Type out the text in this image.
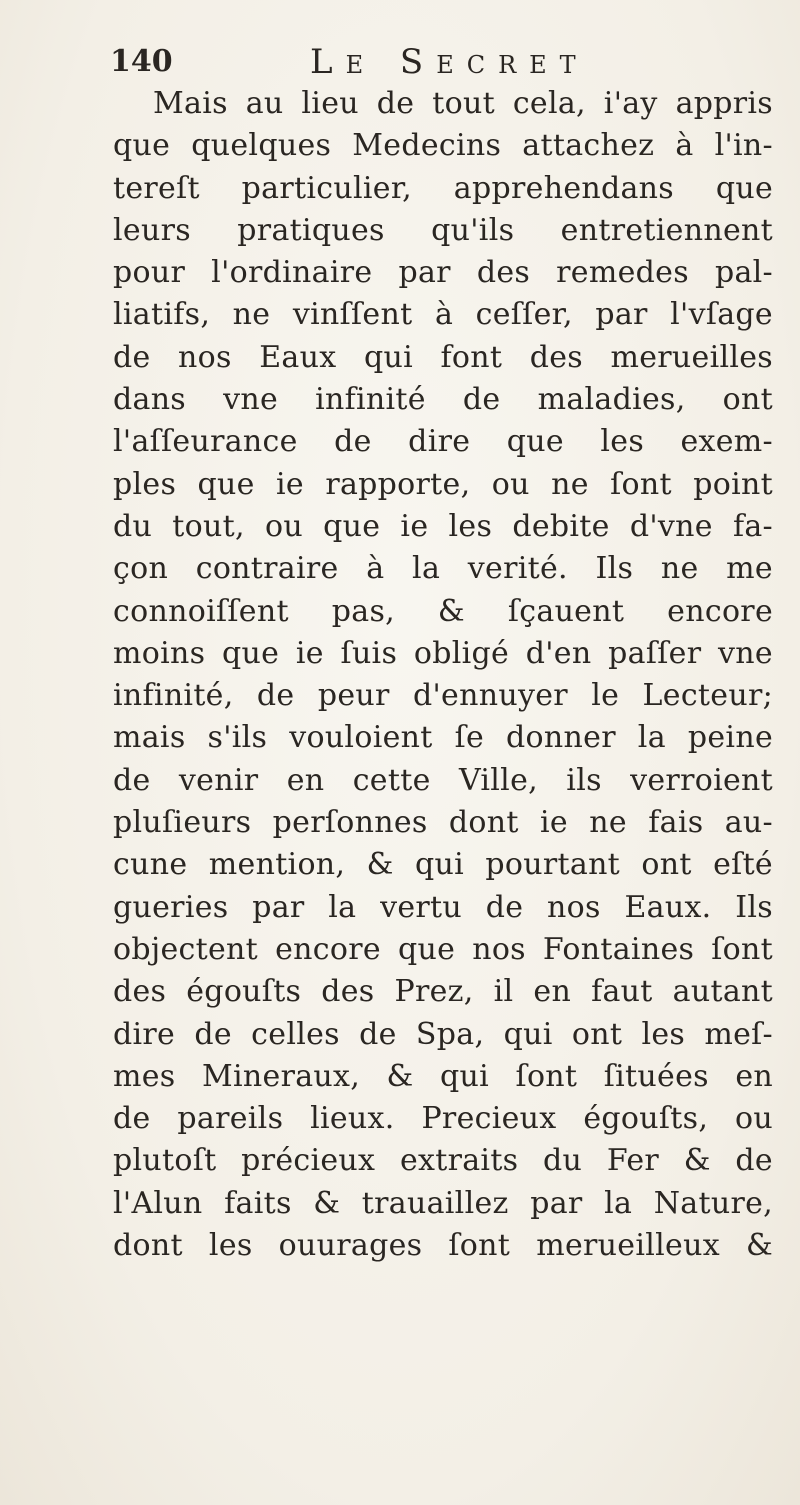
140	Le Secret
Mais au lieu de tout cela, i'ay appris
que quelques Medecins attachez à l'in-
tereſt particulier, apprehendans que
leurs pratiques qu'ils entretiennent
pour l'ordinaire par des remedes pal-
liatifs, ne vinſſent à ceſſer, par l'vſage
de nos Eaux qui font des merueilles
dans vne infinité de maladies, ont
l'aſſeurance de dire que les exem-
ples que ie rapporte, ou ne ſont point
du tout, ou que ie les debite d'vne fa-
çon contraire à la verité. Ils ne me
connoiſſent pas, & ſçauent encore
moins que ie ſuis obligé d'en paſſer vne
infinité, de peur d'ennuyer le Lecteur;
mais s'ils vouloient ſe donner la peine
de venir en cette Ville, ils verroient
pluſieurs perſonnes dont ie ne fais au-
cune mention, & qui pourtant ont eſté
gueries par la vertu de nos Eaux. Ils
objectent encore que nos Fontaines ſont
des égouſts des Prez, il en faut autant
dire de celles de Spa, qui ont les meſ-
mes Mineraux, & qui ſont ſituées en
de pareils lieux. Precieux égouſts, ou
plutoſt précieux extraits du Fer & de
l'Alun faits & trauaillez par la Nature,
dont les ouurages ſont merueilleux &
